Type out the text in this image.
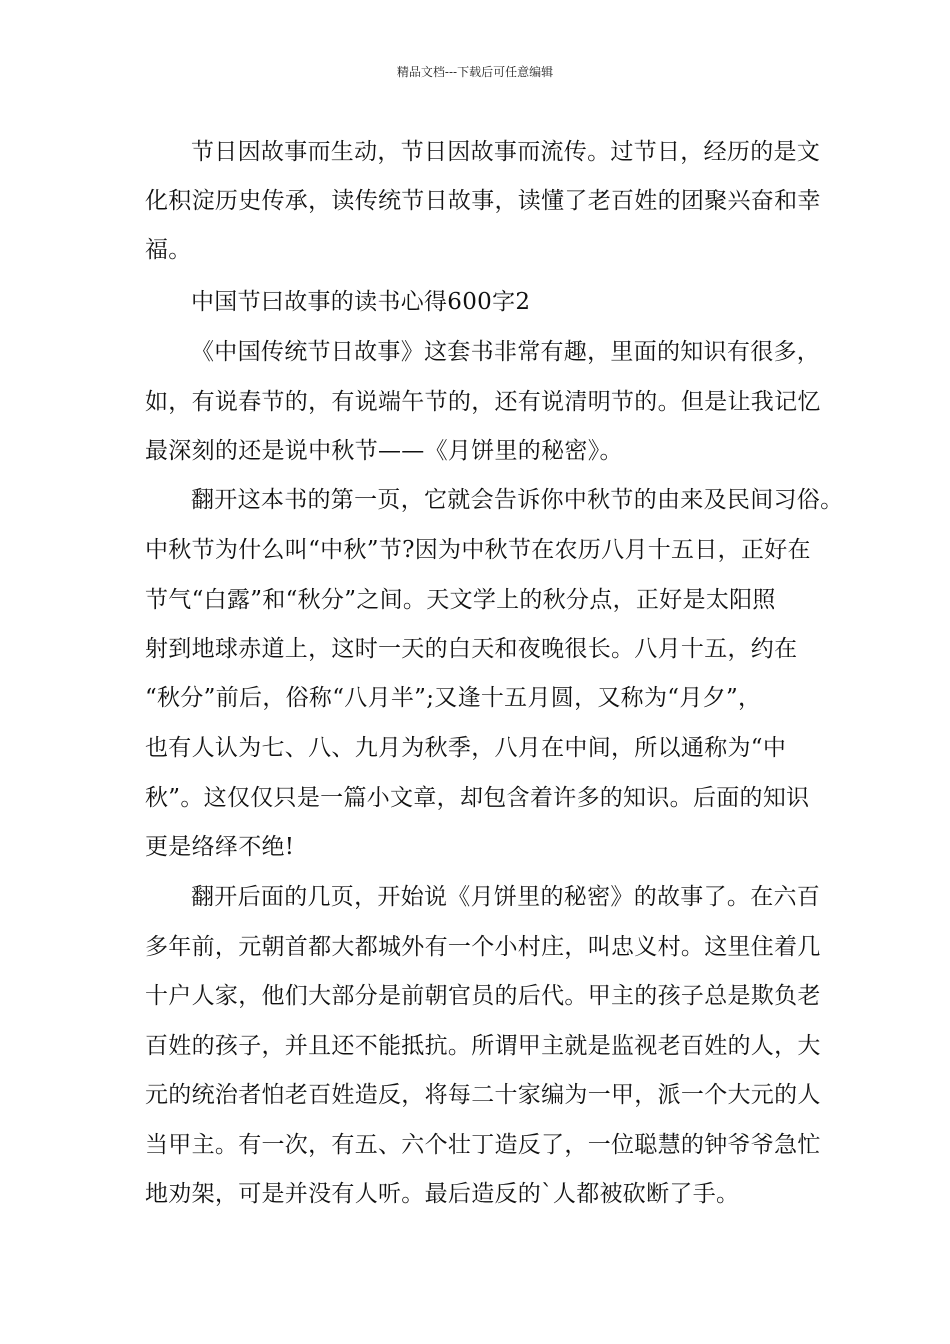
精品文档---下载后可任意编辑
节日因故事而生动，节日因故事而流传。过节日，经历的是文
化积淀历史传承，读传统节日故事，读懂了老百姓的团聚兴奋和幸
福。
中国节曰故事的读书心得600字2
《中国传统节日故事》这套书非常有趣，里面的知识有很多，
如，有说春节的，有说端午节的，还有说清明节的。但是让我记忆
最深刻的还是说中秋节——《月饼里的秘密》。
翻开这本书的第一页，它就会告诉你中秋节的由来及民间习俗。
中秋节为什么叫“中秋”节?因为中秋节在农历八月十五日，正好在
节气“白露”和“秋分”之间。天文学上的秋分点，正好是太阳照
射到地球赤道上，这时一天的白天和夜晚很长。八月十五，约在
“秋分”前后，俗称“八月半”;又逢十五月圆，又称为“月夕”，
也有人认为七、八、九月为秋季，八月在中间，所以通称为“中
秋”。这仅仅只是一篇小文章，却包含着许多的知识。后面的知识
更是络绎不绝!
翻开后面的几页，开始说《月饼里的秘密》的故事了。在六百
多年前，元朝首都大都城外有一个小村庄，叫忠义村。这里住着几
十户人家，他们大部分是前朝官员的后代。甲主的孩子总是欺负老
百姓的孩子，并且还不能抵抗。所谓甲主就是监视老百姓的人，大
元的统治者怕老百姓造反，将每二十家编为一甲，派一个大元的人
当甲主。有一次，有五、六个壮丁造反了，一位聪慧的钟爷爷急忙
地劝架，可是并没有人听。最后造反的`人都被砍断了手。
